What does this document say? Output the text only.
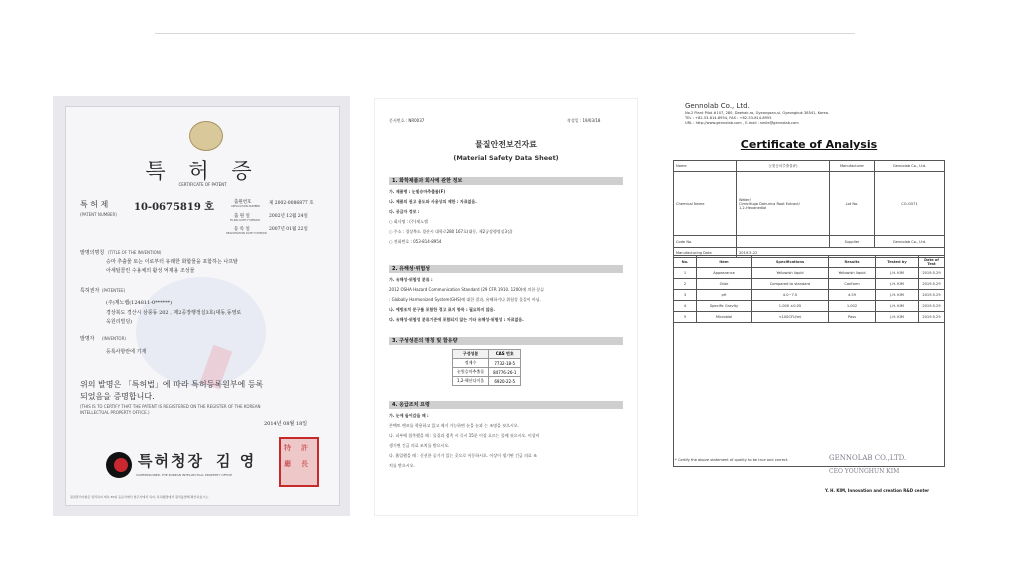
특 허 증
CERTIFICATE OF PATENT
특 허 제	10-0675819 호
(PATENT NUMBER)
출원번호
APPLICATION NUMBER
제 2002-0086877 호
출 원 일
FILING DATE:YY/MM/DD
2002년 12월 24일
등 록 일
REGISTRATION DATE:YY/MM/DD
2007년 01월 22일
발명의명칭 (TITLE OF THE INVENTION)
승마 추출물 또는 이로부터 유래한 화합물을 포함하는 나프탈
아세틸콜린 수용체의 활성 억제용 조성물
특허권자 (PATENTEE)
(주)제노랩(124811-0******)
경상북도 경산시 삼풍동 202 , 제2공장행정실3호(대동,동영로
욱원리빌딩)
발명자 (INVENTOR)
등록사항란에 기재
위의 발명은 「특허법」에 따라 특허등록원부에 등록
되었음을 증명합니다.
(THIS IS TO CERTIFY THAT THE PATENT IS REGISTERED ON THE REGISTER OF THE KOREAN
INTELLECTUAL PROPERTY OFFICE.)
2014년 08월 18일
특허청장 김 영
COMMISSIONER, THE KOREAN INTELLECTUAL PROPERTY OFFICE
特 許
廳 長
원권관리사항은 권리하여 계속 30일 등문서에서 업주사에서 하여, 특허행정에서 원리를발해 확인하십시오.
문서번호 : NR0037	작성일 : 19/03/18
물질안전보건자료
(Material Safety Data Sheet)
1. 화학제품과 회사에 관한 정보
가. 제품명 : 눈빛승마추출물(F)
나. 제품의 권고 용도와 사용상의 제한 : 자료없음.
다. 공급자 정보 :
○ 회사명 : (주)제노랩
○ 주소 : 경상북도 경산시 대학로280 167호(대동, 제2공장행정실3실)
○ 전화번호 : 053-814-8954
2. 유해성·위험성
가. 유해성·위험성 분류 :
2012 OSHA Hazard Communication Standard (29 CFR 1910. 1200)에 의한 분류
: Globally Harmonized System(GHS)에 대한 결과, 유해하거나 위험성 물질이 아님.
나. 예방조치 문구를 포함한 경고 표지 항목 : 필요하지 않음.
다. 유해성·위험성 분류기준에 포함되지 않는 기타 유해성·위험성 : 자료없음.
3. 구성성분의 명칭 및 함유량
구성성분	CAS 번호
정제수	7732-18-5
눈빛승마추출물	84776-26-1
1,2-헥산디이올	6920-22-5
4. 응급조치 요령
가. 눈에 들어갔을 때 :
콘택트 렌즈를 착용하고 있고 제거 가능하면 눈을 눈과 는 조명을 씻으시오.
나. 피부에 접촉했을 때 : 물질과 접촉 시 즉시 15분 이상 흐르는 물에 씻으시오. 이상이
생기면 긴급 의료 조치를 받으시오.
다. 흡입했을 때 : 신선한 공기가 있는 곳으로 이동하시오. 이상이 생기면 긴급 의료 조
치를 받으시오.
Gennolab Co., Ltd.
No.2 Plant Pilot #107, 280, Daehak-ro, Gyeongsan-si, Gyeongbuk 38541, Korea.
TEL : +82-53-814-8954, FAX : +82-53-814-8955
URL : http://www.gennolab.com , E-mail : smile@gennolab.com
Certificate of Analysis
Name	눈빛승마추출물(F)	Manufacturer	Gennolab Co., Ltd.
Chemical Name	Water/
Cimicifuga Dahurica Root Extract/
1,2-Hexanediol	Lot No.	CO-G571
Code No.		Supplier	Gennolab Co., Ltd.
Manufacturing Date	2019.5.22		
No.	Item	Specifications	Results	Tested by	Date of Test
1	Appearance	Yellowish liquid	Yellowish liquid	J.H. KIM	2019.5.29
2	Odor	Compared to standard	Conform	J.H. KIM	2019.5.29
3	pH	4.0~7.0	4.59	J.H. KIM	2019.5.29
4	Specific Gravity	1.000 ±0.05	1.002	J.H. KIM	2019.5.29
5	Microbial	<100CFU/ml	Pass	J.H. KIM	2019.5.29
* Certify the above statement of quality to be true and correct.	GENNOLAB CO.,LTD.
CEO YOUNGHUN KIM
Y. H. KIM, Innovation and creation R&D center
